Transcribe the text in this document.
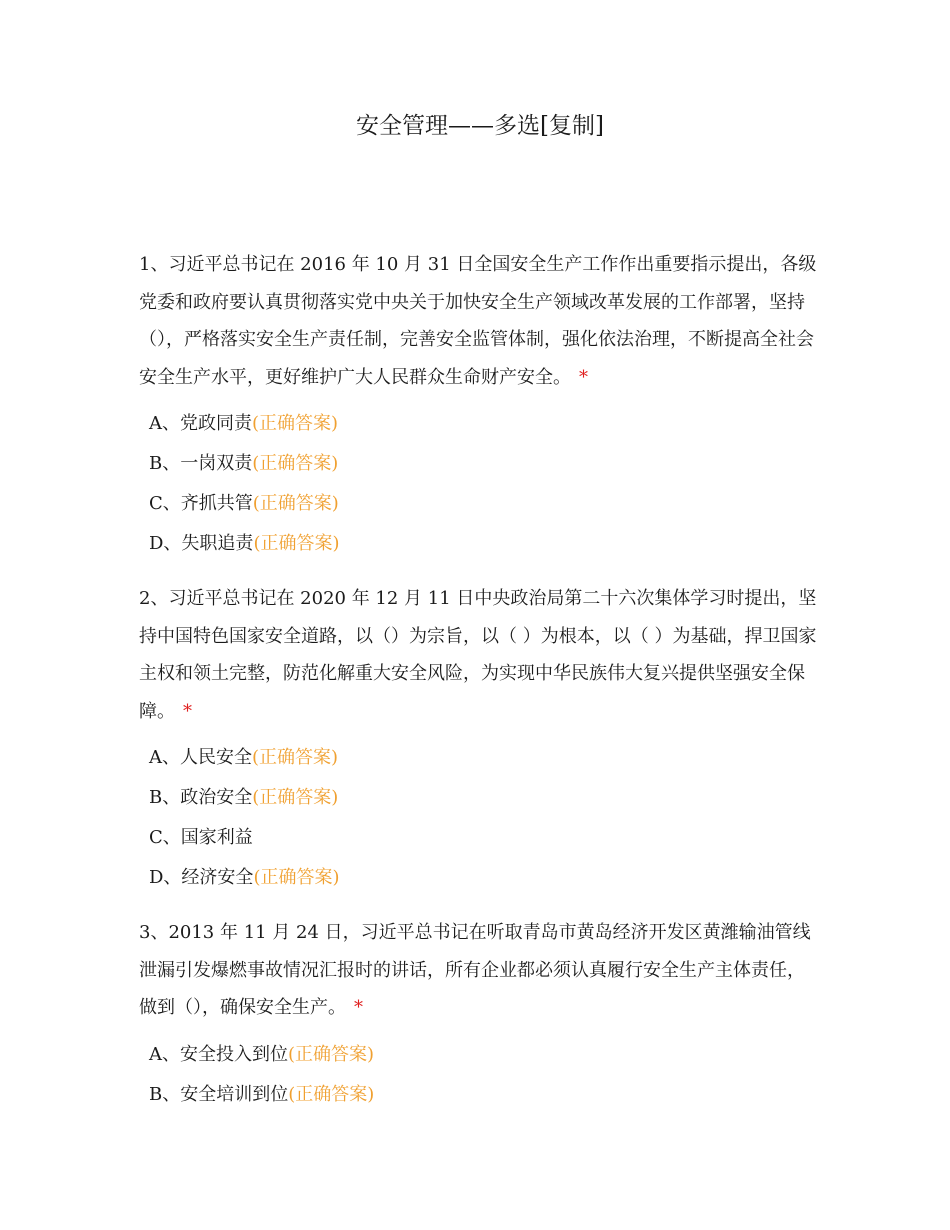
安全管理——多选[复制]

1、习近平总书记在 2016 年 10 月 31 日全国安全生产工作作出重要指示提出，各级党委和政府要认真贯彻落实党中央关于加快安全生产领域改革发展的工作部署，坚持（），严格落实安全生产责任制，完善安全监管体制，强化依法治理，不断提高全社会安全生产水平，更好维护广大人民群众生命财产安全。 *

A、党政同责(正确答案)
B、一岗双责(正确答案)
C、齐抓共管(正确答案)
D、失职追责(正确答案)

2、习近平总书记在 2020 年 12 月 11 日中央政治局第二十六次集体学习时提出，坚持中国特色国家安全道路，以（）为宗旨，以（ ）为根本，以（ ）为基础，捍卫国家主权和领土完整，防范化解重大安全风险，为实现中华民族伟大复兴提供坚强安全保障。 *

A、人民安全(正确答案)
B、政治安全(正确答案)
C、国家利益
D、经济安全(正确答案)

3、2013 年 11 月 24 日，习近平总书记在听取青岛市黄岛经济开发区黄潍输油管线泄漏引发爆燃事故情况汇报时的讲话，所有企业都必须认真履行安全生产主体责任，做到（），确保安全生产。 *

A、安全投入到位(正确答案)
B、安全培训到位(正确答案)
